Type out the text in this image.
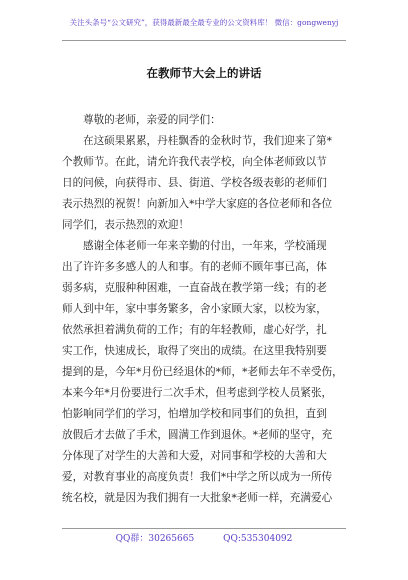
关注头条号“公文研究”，获得最新最全最专业的公文资料库！ 微信：gongwenyj
在教师节大会上的讲话
尊敬的老师，亲爱的同学们：
在这硕果累累，丹桂飘香的金秋时节，我们迎来了第*
个教师节。在此，请允许我代表学校，向全体老师致以节
日的问候，向获得市、县、街道、学校各级表彰的老师们
表示热烈的祝贺！向新加入*中学大家庭的各位老师和各位
同学们，表示热烈的欢迎！
感谢全体老师一年来辛勤的付出，一年来，学校涌现
出了许许多多感人的人和事。有的老师不顾年事已高，体
弱多病，克服种种困难，一直奋战在教学第一线；有的老
师人到中年，家中事务繁多，舍小家顾大家，以校为家，
依然承担着满负荷的工作；有的年轻教师，虚心好学，扎
实工作，快速成长，取得了突出的成绩。在这里我特别要
提到的是，今年*月份已经退休的*师，*老师去年不幸受伤，
本来今年*月份要进行二次手术，但考虑到学校人员紧张，
怕影响同学们的学习，怕增加学校和同事们的负担，直到
放假后才去做了手术，圆满工作到退休。*老师的坚守，充
分体现了对学生的大善和大爱，对同事和学校的大善和大
爱，对教育事业的高度负责！我们*中学之所以成为一所传
统名校，就是因为我们拥有一大批象*老师一样，充满爱心
QQ群：30265665	QQ:535304092
